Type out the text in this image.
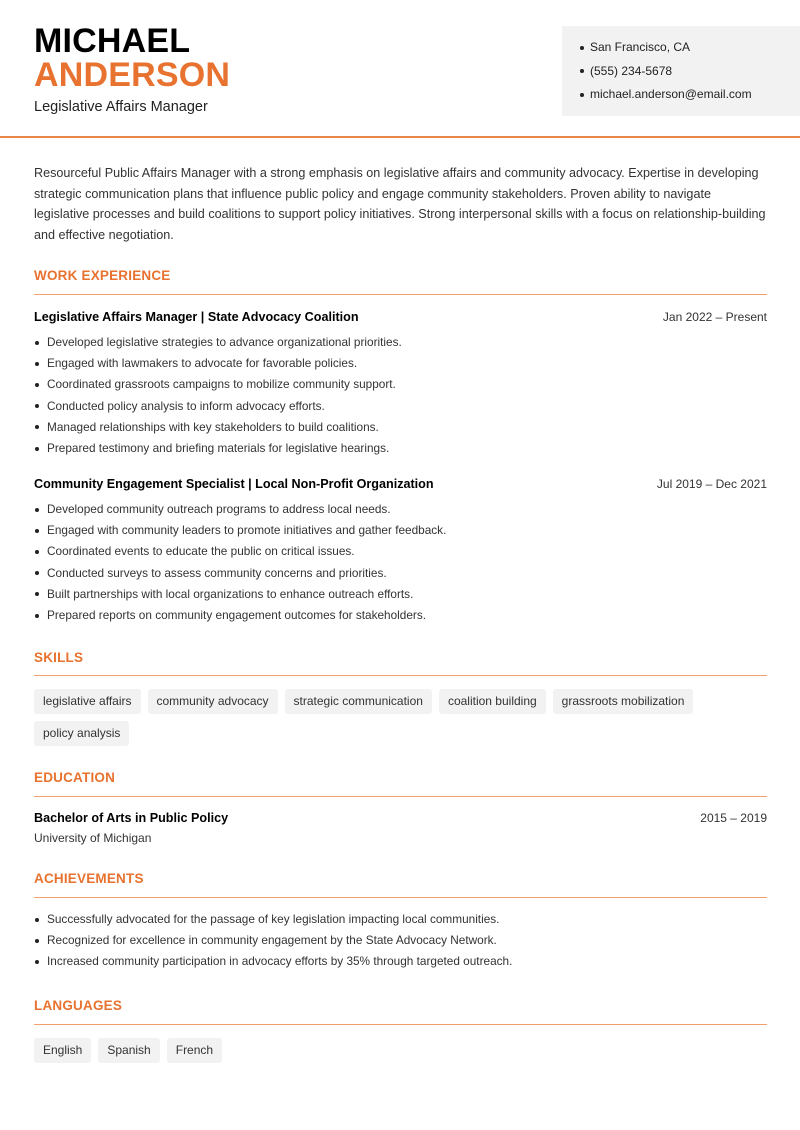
MICHAEL
ANDERSON
Legislative Affairs Manager
San Francisco, CA
(555) 234-5678
michael.anderson@email.com
Resourceful Public Affairs Manager with a strong emphasis on legislative affairs and community advocacy. Expertise in developing strategic communication plans that influence public policy and engage community stakeholders. Proven ability to navigate legislative processes and build coalitions to support policy initiatives. Strong interpersonal skills with a focus on relationship-building and effective negotiation.
WORK EXPERIENCE
Legislative Affairs Manager | State Advocacy Coalition	Jan 2022 – Present
Developed legislative strategies to advance organizational priorities.
Engaged with lawmakers to advocate for favorable policies.
Coordinated grassroots campaigns to mobilize community support.
Conducted policy analysis to inform advocacy efforts.
Managed relationships with key stakeholders to build coalitions.
Prepared testimony and briefing materials for legislative hearings.
Community Engagement Specialist | Local Non-Profit Organization	Jul 2019 – Dec 2021
Developed community outreach programs to address local needs.
Engaged with community leaders to promote initiatives and gather feedback.
Coordinated events to educate the public on critical issues.
Conducted surveys to assess community concerns and priorities.
Built partnerships with local organizations to enhance outreach efforts.
Prepared reports on community engagement outcomes for stakeholders.
SKILLS
legislative affairs	community advocacy	strategic communication	coalition building	grassroots mobilization
policy analysis
EDUCATION
Bachelor of Arts in Public Policy
University of Michigan
2015 – 2019
ACHIEVEMENTS
Successfully advocated for the passage of key legislation impacting local communities.
Recognized for excellence in community engagement by the State Advocacy Network.
Increased community participation in advocacy efforts by 35% through targeted outreach.
LANGUAGES
English	Spanish	French
